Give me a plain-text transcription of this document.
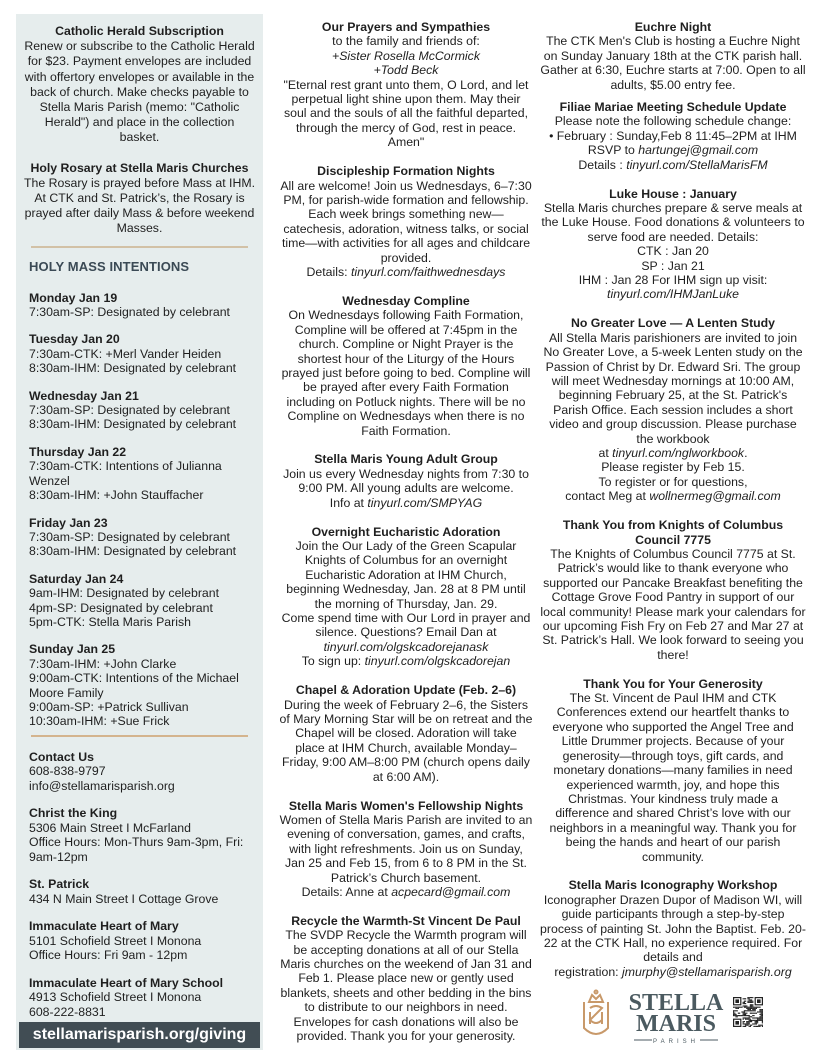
Catholic Herald Subscription
Renew or subscribe to the Catholic Herald for $23. Payment envelopes are included with offertory envelopes or available in the back of church. Make checks payable to Stella Maris Parish (memo: "Catholic Herald") and place in the collection basket.
Holy Rosary at Stella Maris Churches
The Rosary is prayed before Mass at IHM. At CTK and St. Patrick’s, the Rosary is prayed after daily Mass & before weekend Masses.
HOLY MASS INTENTIONS
Monday Jan 19
7:30am-SP: Designated by celebrant
Tuesday Jan 20
7:30am-CTK: +Merl Vander Heiden
8:30am-IHM: Designated by celebrant
Wednesday Jan 21
7:30am-SP: Designated by celebrant
8:30am-IHM: Designated by celebrant
Thursday Jan 22
7:30am-CTK: Intentions of Julianna Wenzel
8:30am-IHM: +John Stauffacher
Friday Jan 23
7:30am-SP: Designated by celebrant
8:30am-IHM: Designated by celebrant
Saturday Jan 24
9am-IHM: Designated by celebrant
4pm-SP: Designated by celebrant
5pm-CTK: Stella Maris Parish
Sunday Jan 25
7:30am-IHM: +John Clarke
9:00am-CTK: Intentions of the Michael Moore Family
9:00am-SP: +Patrick Sullivan
10:30am-IHM: +Sue Frick
Contact Us
608-838-9797
info@stellamarisparish.org
Christ the King
5306 Main Street I McFarland
Office Hours: Mon-Thurs 9am-3pm, Fri: 9am-12pm
St. Patrick
434 N Main Street I Cottage Grove
Immaculate Heart of Mary
5101 Schofield Street I Monona
Office Hours: Fri 9am - 12pm
Immaculate Heart of Mary School
4913 Schofield Street I Monona
608-222-8831
stellamarisparish.org/giving
Our Prayers and Sympathies
to the family and friends of:
+Sister Rosella McCormick
+Todd Beck
"Eternal rest grant unto them, O Lord, and let perpetual light shine upon them. May their soul and the souls of all the faithful departed, through the mercy of God, rest in peace. Amen"
Discipleship Formation Nights
All are welcome! Join us Wednesdays, 6–7:30 PM, for parish-wide formation and fellowship. Each week brings something new—catechesis, adoration, witness talks, or social time—with activities for all ages and childcare provided.
Details: tinyurl.com/faithwednesdays
Wednesday Compline
On Wednesdays following Faith Formation, Compline will be offered at 7:45pm in the church. Compline or Night Prayer is the shortest hour of the Liturgy of the Hours prayed just before going to bed. Compline will be prayed after every Faith Formation including on Potluck nights. There will be no Compline on Wednesdays when there is no Faith Formation.
Stella Maris Young Adult Group
Join us every Wednesday nights from 7:30 to 9:00 PM. All young adults are welcome.
Info at tinyurl.com/SMPYAG
Overnight Eucharistic Adoration
Join the Our Lady of the Green Scapular Knights of Columbus for an overnight Eucharistic Adoration at IHM Church, beginning Wednesday, Jan. 28 at 8 PM until the morning of Thursday, Jan. 29.
Come spend time with Our Lord in prayer and silence. Questions? Email Dan at
tinyurl.com/olgskcadorejanask
To sign up: tinyurl.com/olgskcadorejan
Chapel & Adoration Update (Feb. 2–6)
During the week of February 2–6, the Sisters of Mary Morning Star will be on retreat and the Chapel will be closed. Adoration will take place at IHM Church, available Monday–Friday, 9:00 AM–8:00 PM (church opens daily at 6:00 AM).
Stella Maris Women's Fellowship Nights
Women of Stella Maris Parish are invited to an evening of conversation, games, and crafts, with light refreshments. Join us on Sunday, Jan 25 and Feb 15, from 6 to 8 PM in the St. Patrick’s Church basement.
Details: Anne at acpecard@gmail.com
Recycle the Warmth-St Vincent De Paul
The SVDP Recycle the Warmth program will be accepting donations at all of our Stella Maris churches on the weekend of Jan 31 and Feb 1. Please place new or gently used blankets, sheets and other bedding in the bins to distribute to our neighbors in need. Envelopes for cash donations will also be provided. Thank you for your generosity.
Euchre Night
The CTK Men's Club is hosting a Euchre Night on Sunday January 18th at the CTK parish hall. Gather at 6:30, Euchre starts at 7:00. Open to all adults, $5.00 entry fee.
Filiae Mariae Meeting Schedule Update
Please note the following schedule change:
• February : Sunday,Feb 8 11:45–2PM at IHM
RSVP to hartungej@gmail.com
Details : tinyurl.com/StellaMarisFM
Luke House : January
Stella Maris churches prepare & serve meals at the Luke House. Food donations & volunteers to serve food are needed. Details:
CTK : Jan 20
SP : Jan 21
IHM : Jan 28 For IHM sign up visit:
tinyurl.com/IHMJanLuke
No Greater Love — A Lenten Study
All Stella Maris parishioners are invited to join No Greater Love, a 5-week Lenten study on the Passion of Christ by Dr. Edward Sri. The group will meet Wednesday mornings at 10:00 AM, beginning February 25, at the St. Patrick's Parish Office. Each session includes a short video and group discussion. Please purchase the workbook
at tinyurl.com/nglworkbook.
Please register by Feb 15.
To register or for questions,
contact Meg at wollnermeg@gmail.com
Thank You from Knights of Columbus Council 7775
The Knights of Columbus Council 7775 at St. Patrick’s would like to thank everyone who supported our Pancake Breakfast benefiting the Cottage Grove Food Pantry in support of our local community! Please mark your calendars for our upcoming Fish Fry on Feb 27 and Mar 27 at St. Patrick’s Hall. We look forward to seeing you there!
Thank You for Your Generosity
The St. Vincent de Paul IHM and CTK Conferences extend our heartfelt thanks to everyone who supported the Angel Tree and Little Drummer projects. Because of your generosity—through toys, gift cards, and monetary donations—many families in need experienced warmth, joy, and hope this Christmas. Your kindness truly made a difference and shared Christ’s love with our neighbors in a meaningful way. Thank you for being the hands and heart of our parish community.
Stella Maris Iconography Workshop
Iconographer Drazen Dupor of Madison WI, will guide participants through a step-by-step process of painting St. John the Baptist. Feb. 20-22 at the CTK Hall, no experience required. For details and
registration: jmurphy@stellamarisparish.org
STELLA
MARIS
PARISH
